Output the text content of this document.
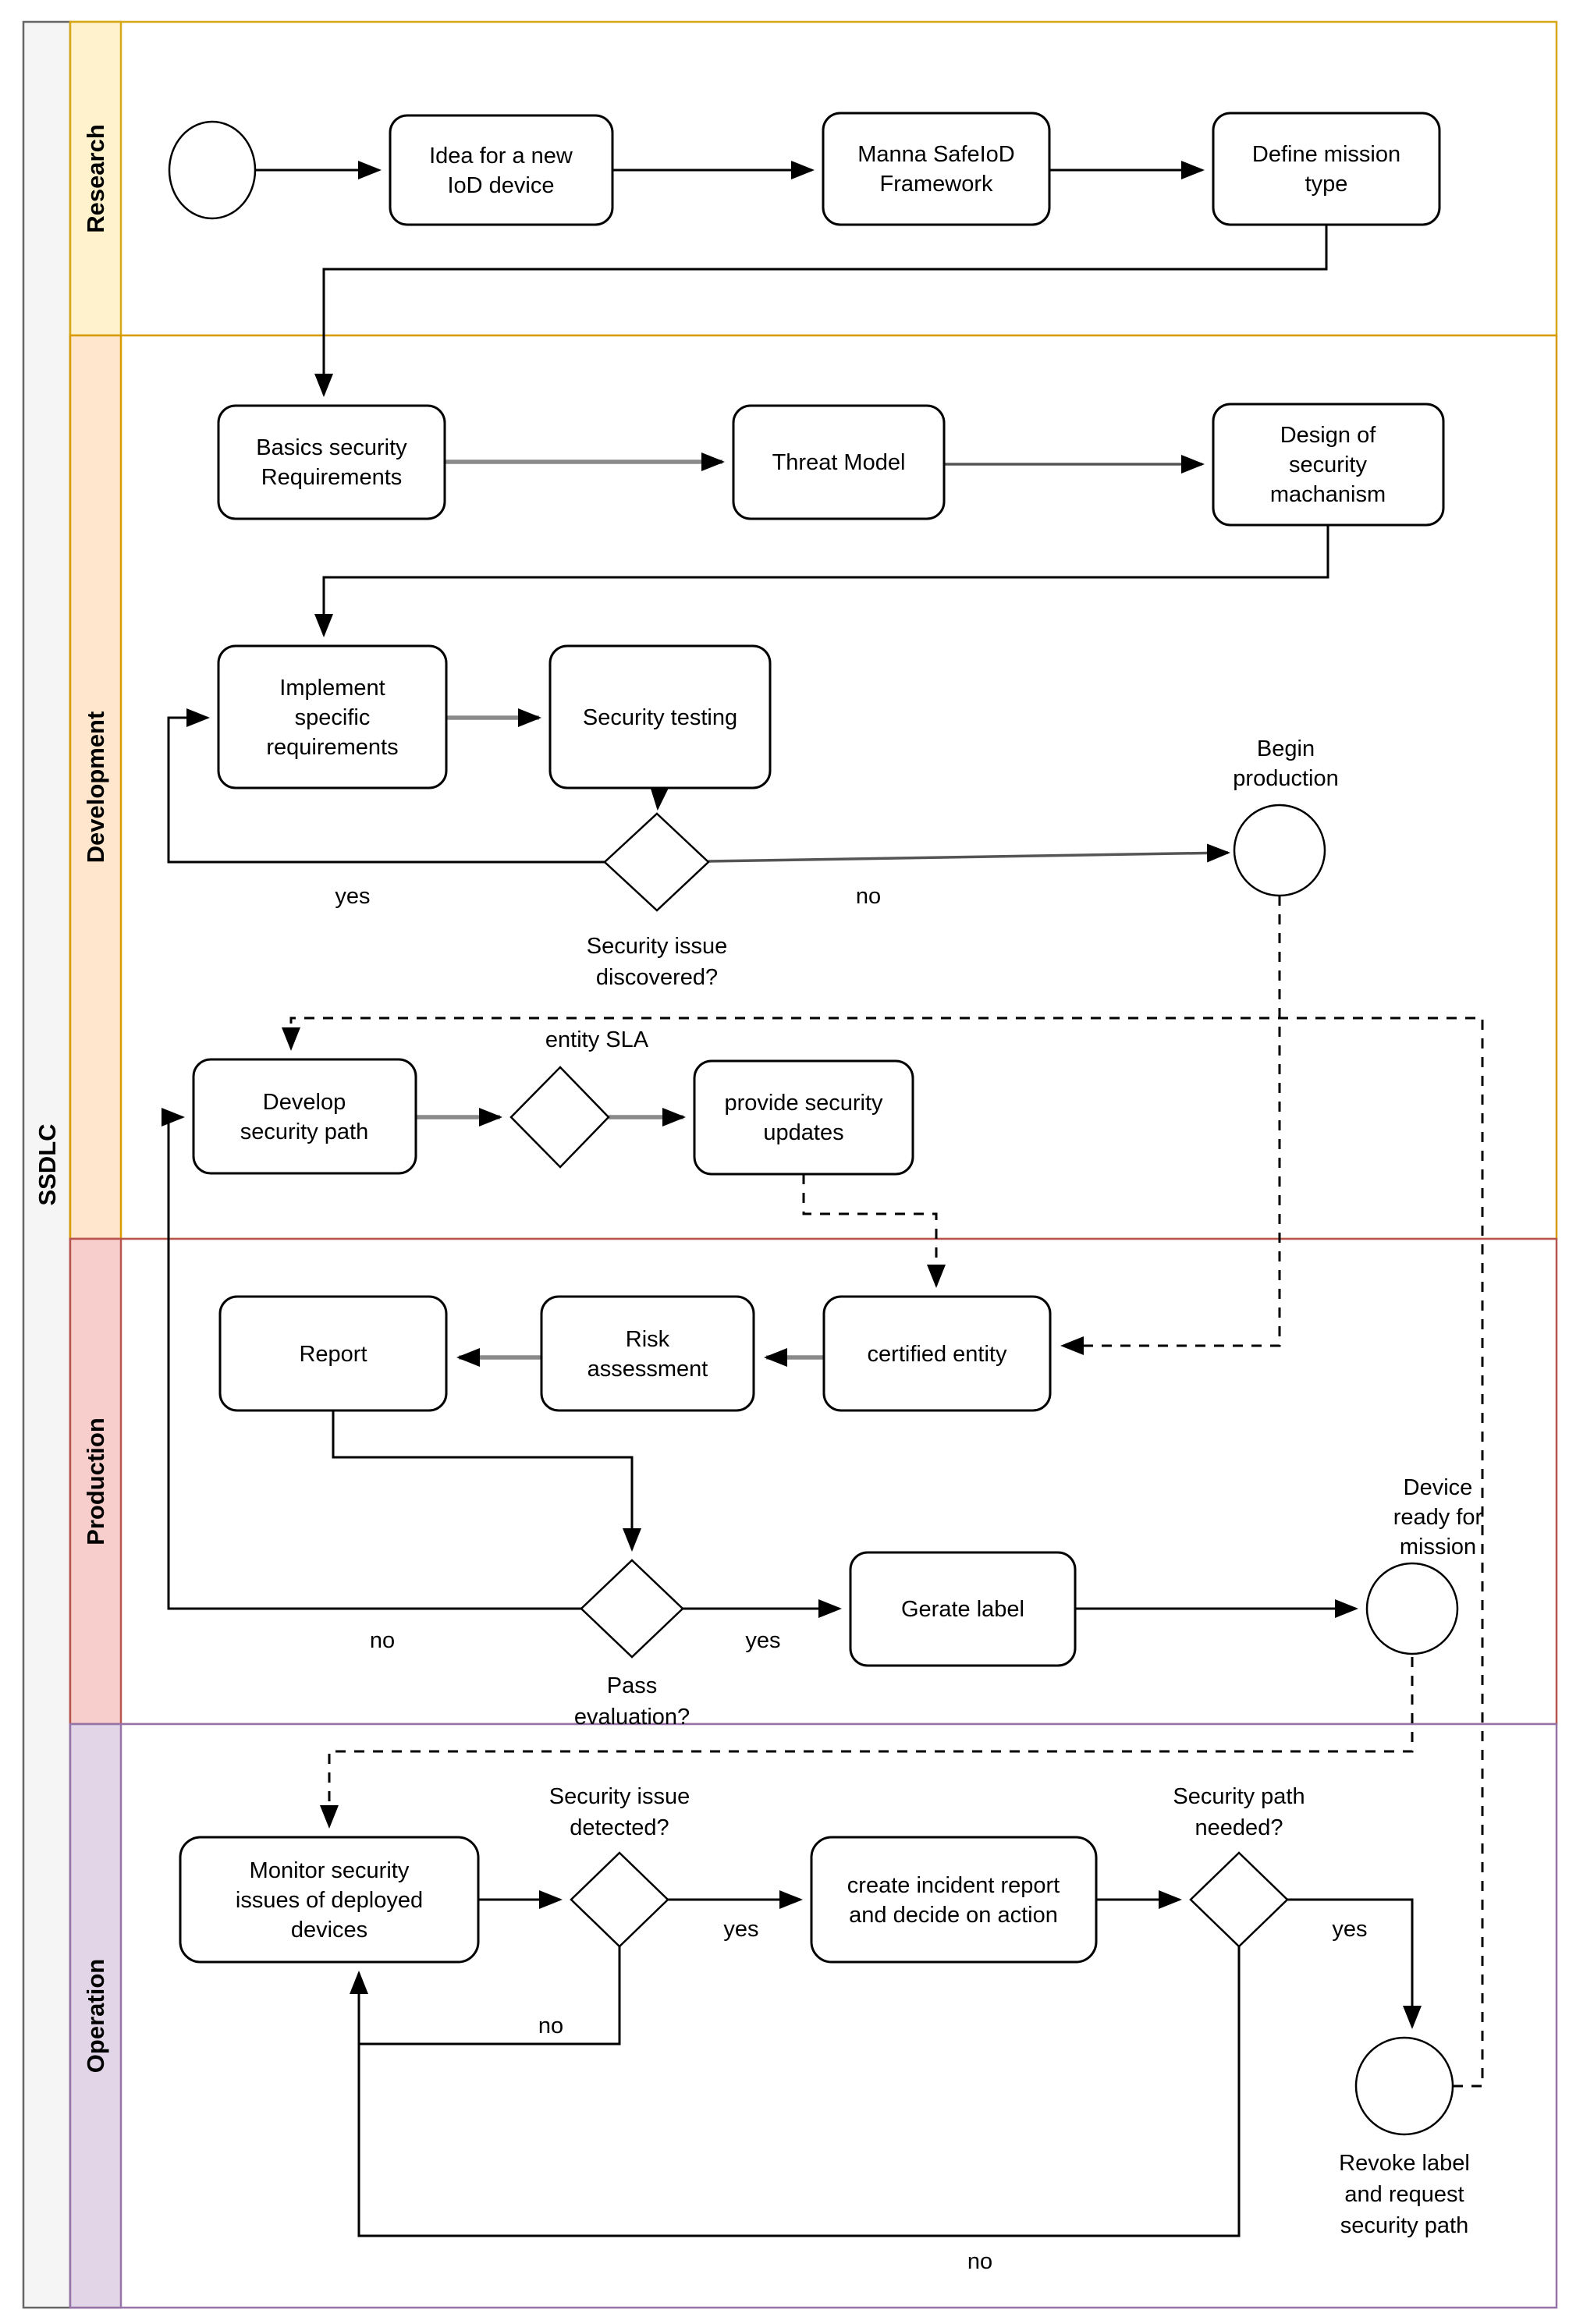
SSDLC
Research
Development
Production
Operation
Idea for a new
IoD device
Manna SafeIoD
Framework
Define mission
type
Basics security
Requirements
Threat Model
Design of
security
machanism
Implement
specific
requirements
Security testing
Security issue
discovered?
yes	no
Begin
production
Develop
security path
entity SLA
provide security
updates
Report
Risk
assessment
certified entity
Pass
evaluation?
yes
no
Gerate label
Device
ready for
mission
Monitor security
issues of deployed
devices
Security issue
detected?
yes
no
create incident report
and decide on action
Security path
needed?
yes
no
Revoke label
and request
security path
